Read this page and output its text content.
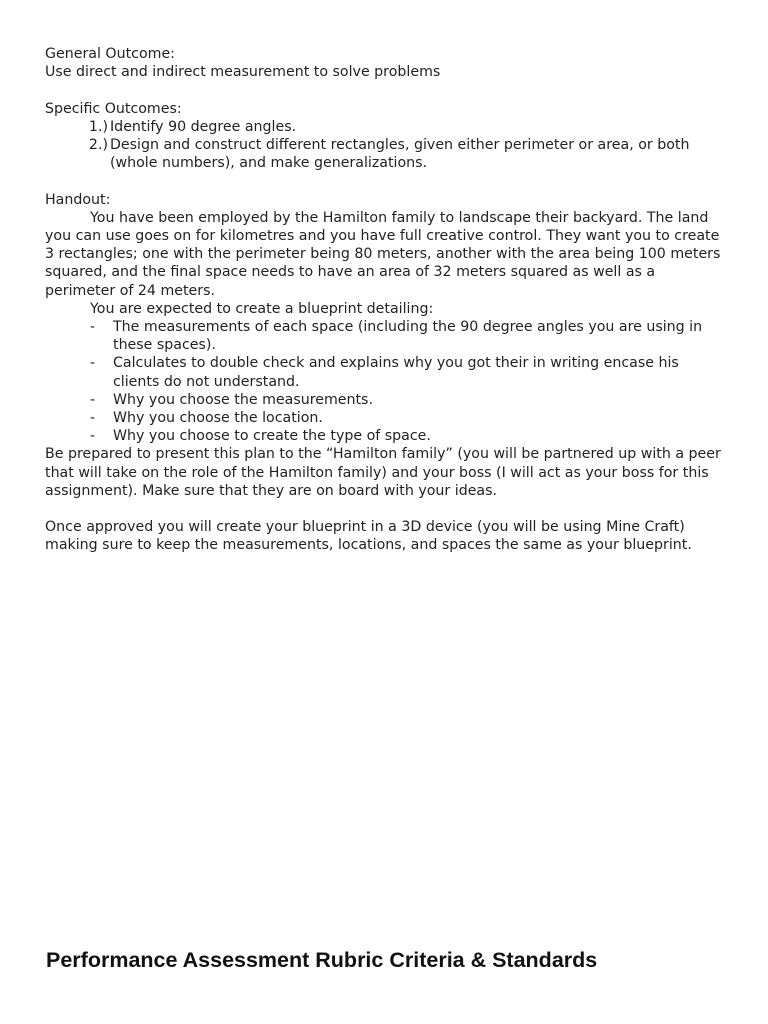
General Outcome:

Use direct and indirect measurement to solve problems

Specific Outcomes:

1.) Identify 90 degree angles.
2.) Design and construct different rectangles, given either perimeter or area, or both (whole numbers), and make generalizations.

Handout:

You have been employed by the Hamilton family to landscape their backyard. The land you can use goes on for kilometres and you have full creative control. They want you to create 3 rectangles; one with the perimeter being 80 meters, another with the area being 100 meters squared, and the final space needs to have an area of 32 meters squared as well as a perimeter of 24 meters.

You are expected to create a blueprint detailing:

-	The measurements of each space (including the 90 degree angles you are using in these spaces).
-	Calculates to double check and explains why you got their in writing encase his clients do not understand.
-	Why you choose the measurements.
-	Why you choose the location.
-	Why you choose to create the type of space.

Be prepared to present this plan to the “Hamilton family” (you will be partnered up with a peer that will take on the role of the Hamilton family) and your boss (I will act as your boss for this assignment). Make sure that they are on board with your ideas.

Once approved you will create your blueprint in a 3D device (you will be using Mine Craft) making sure to keep the measurements, locations, and spaces the same as your blueprint.

Performance Assessment Rubric Criteria & Standards
